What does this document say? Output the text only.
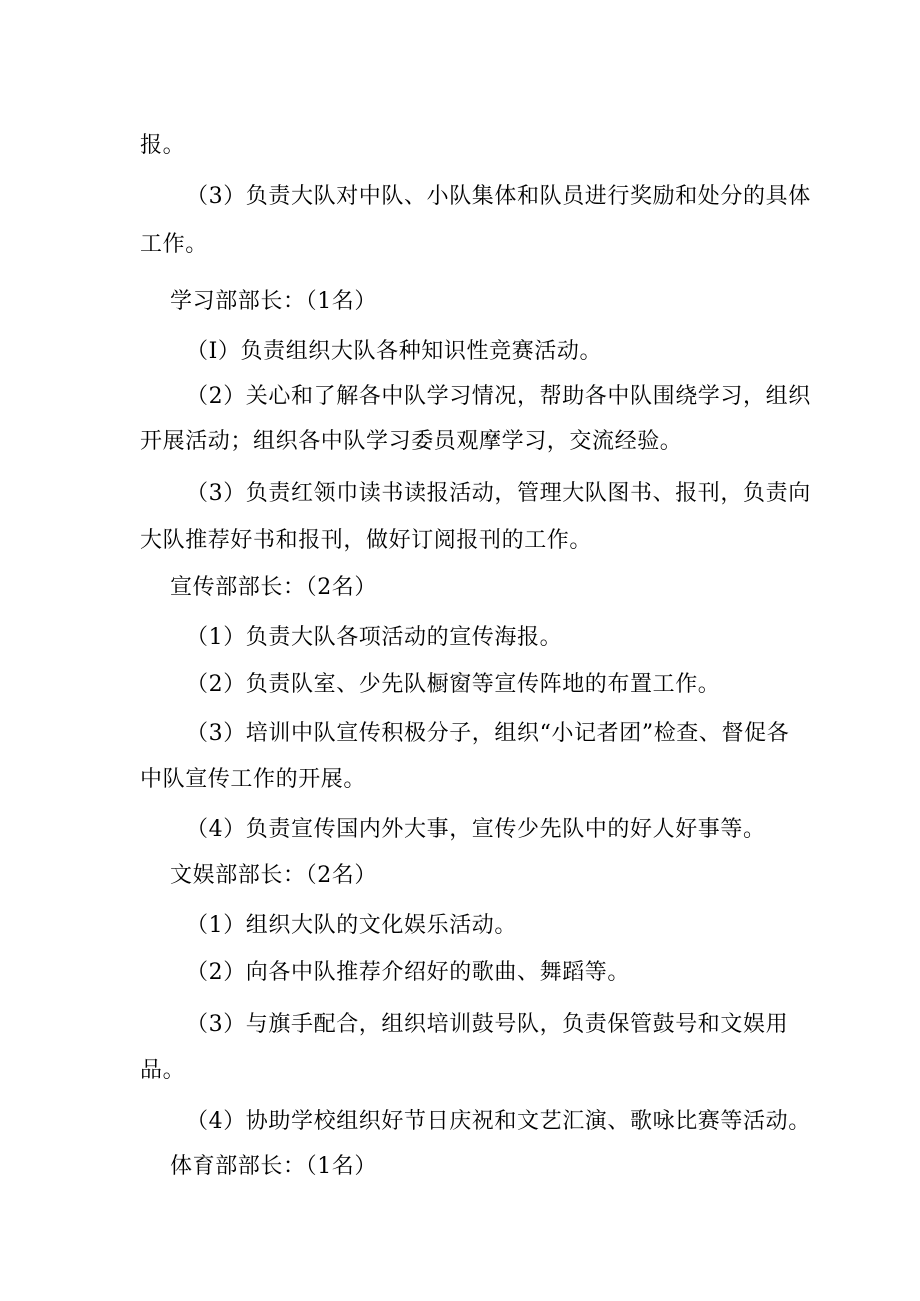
报。
（3）负责大队对中队、小队集体和队员进行奖励和处分的具体
工作。
学习部部长：（1名）
（I）负责组织大队各种知识性竞赛活动。
（2）关心和了解各中队学习情况，帮助各中队围绕学习，组织
开展活动；组织各中队学习委员观摩学习，交流经验。
（3）负责红领巾读书读报活动，管理大队图书、报刊，负责向
大队推荐好书和报刊，做好订阅报刊的工作。
宣传部部长：（2名）
（1）负责大队各项活动的宣传海报。
（2）负责队室、少先队橱窗等宣传阵地的布置工作。
（3）培训中队宣传积极分子，组织“小记者团”检查、督促各
中队宣传工作的开展。
（4）负责宣传国内外大事，宣传少先队中的好人好事等。
文娱部部长：（2名）
（1）组织大队的文化娱乐活动。
（2）向各中队推荐介绍好的歌曲、舞蹈等。
（3）与旗手配合，组织培训鼓号队，负责保管鼓号和文娱用
品。
（4）协助学校组织好节日庆祝和文艺汇演、歌咏比赛等活动。
体育部部长：（1名）
